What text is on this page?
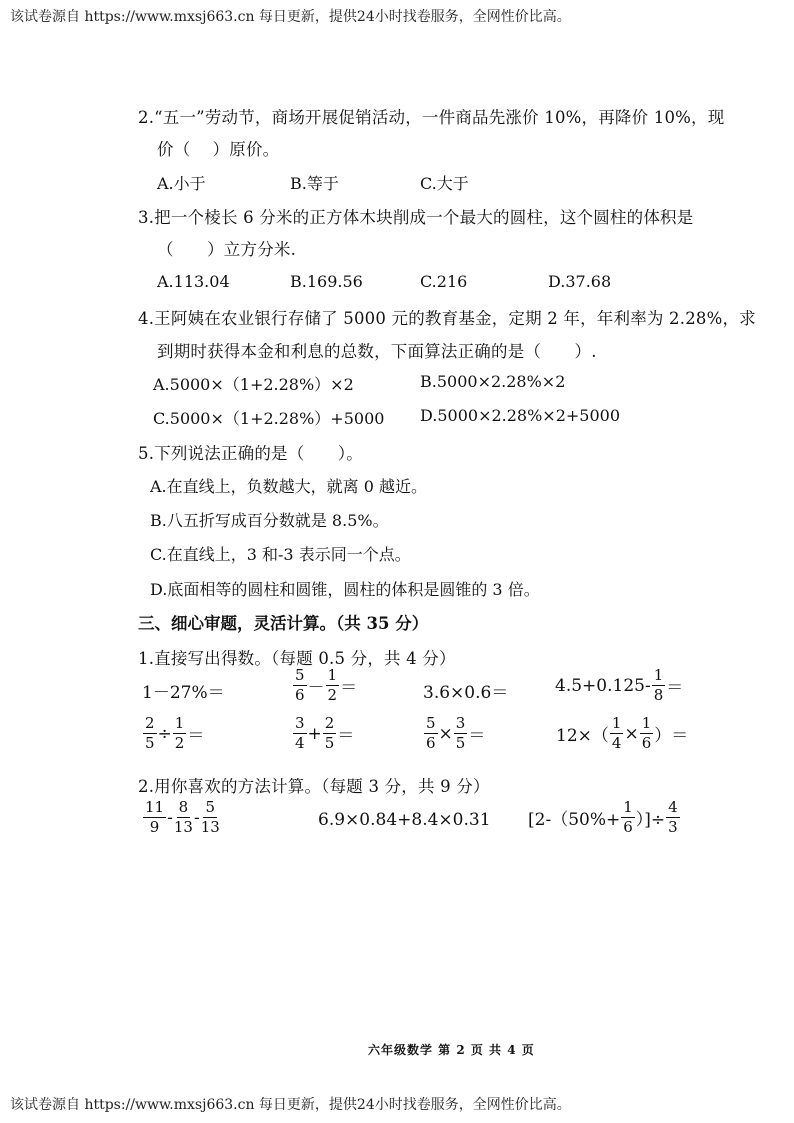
该试卷源自 https://www.mxsj663.cn 每日更新，提供24小时找卷服务，全网性价比高。
2.“五一”劳动节，商场开展促销活动，一件商品先涨价 10%，再降价 10%，现
价（　 ）原价。
A.小于	B.等于	C.大于
3.把一个棱长 6 分米的正方体木块削成一个最大的圆柱，这个圆柱的体积是
（　　）立方分米.
A.113.04	B.169.56	C.216	D.37.68
4.王阿姨在农业银行存储了 5000 元的教育基金，定期 2 年，年利率为 2.28%，求
到期时获得本金和利息的总数，下面算法正确的是（　　）.
A.5000×（1+2.28%）×2	B.5000×2.28%×2
C.5000×（1+2.28%）+5000 D.5000×2.28%×2+5000
5.下列说法正确的是（　　）。
A.在直线上，负数越大，就离 0 越近。
B.八五折写成百分数就是 8.5%。
C.在直线上，3 和-3 表示同一个点。
D.底面相等的圆柱和圆锥，圆柱的体积是圆锥的 3 倍。
三、细心审题，灵活计算。（共 35 分）
1.直接写出得数。（每题 0.5 分，共 4 分）
1－27%＝	$\frac{5}{6} - \frac{1}{2}$ ＝	3.6×0.6＝	$4.5+0.125- \frac{1}{8}$ ＝
$\frac{2}{5} \div \frac{1}{2}$ ＝	$\frac{3}{4} + \frac{2}{5}$ ＝	$\frac{5}{6} \times \frac{3}{5}$ ＝	$12\times( \frac{1}{4} \times \frac{1}{6}$ ）＝
2.用你喜欢的方法计算。（每题 3 分，共 9 分）
$\frac{11}{9} - \frac{8}{13} - \frac{5}{13}$	6.9×0.84+8.4×0.31 [$2-(50\%+ \frac{1}{6}$ ）]÷ $\frac{4}{3}$
六年级数学 第 2 页 共 4 页
该试卷源自 https://www.mxsj663.cn 每日更新，提供24小时找卷服务，全网性价比高。
